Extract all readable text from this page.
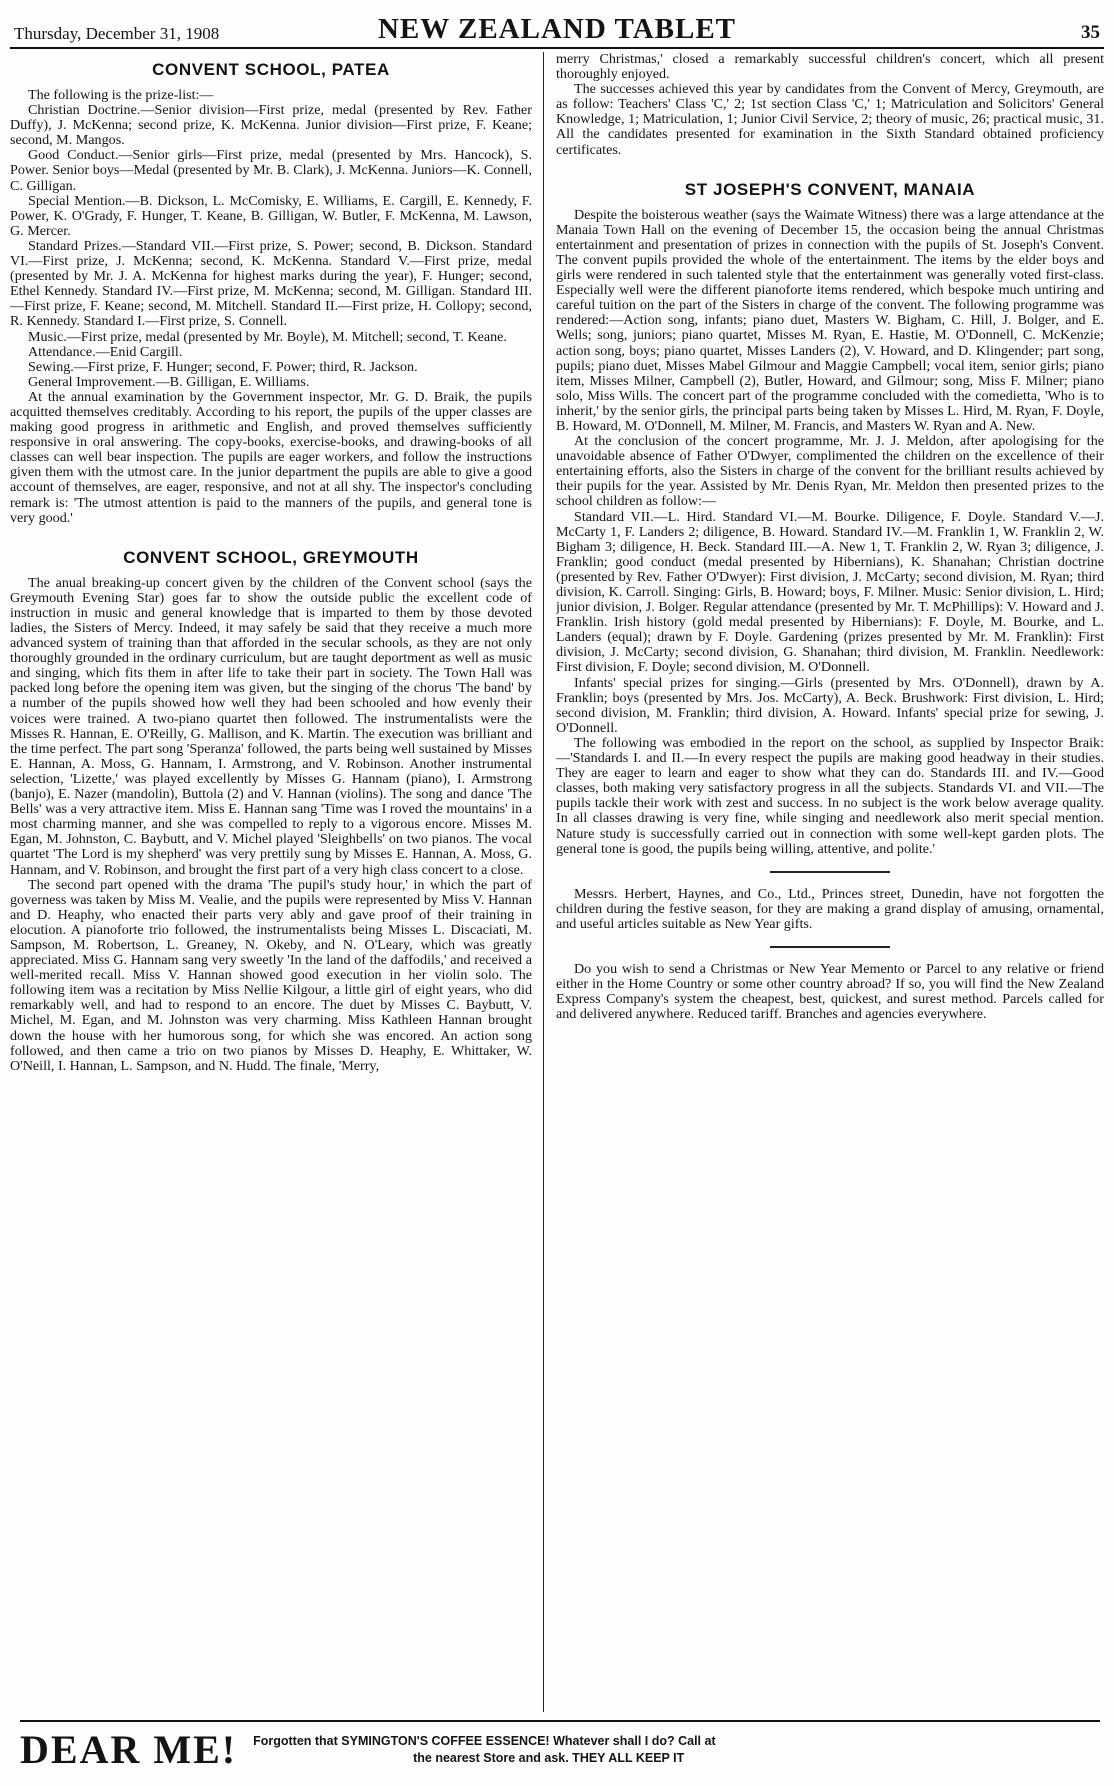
Thursday, December 31, 1908	NEW ZEALAND TABLET	35
CONVENT SCHOOL, PATEA

The following is the prize-list:—

Christian Doctrine.—Senior division—First prize, medal (presented by Rev. Father Duffy), J. McKenna; second prize, K. McKenna. Junior division—First prize, F. Keane; second, M. Mangos.

Good Conduct.—Senior girls—First prize, medal (presented by Mrs. Hancock), S. Power. Senior boys—Medal (presented by Mr. B. Clark), J. McKenna. Juniors—K. Connell, C. Gilligan.

Special Mention.—B. Dickson, L. McComisky, E. Williams, E. Cargill, E. Kennedy, F. Power, K. O'Grady, F. Hunger, T. Keane, B. Gilligan, W. Butler, F. McKenna, M. Lawson, G. Mercer.

Standard Prizes.—Standard VII.—First prize, S. Power; second, B. Dickson. Standard VI.—First prize, J. McKenna; second, K. McKenna. Standard V.—First prize, medal (presented by Mr. J. A. McKenna for highest marks during the year), F. Hunger; second, Ethel Kennedy. Standard IV.—First prize, M. McKenna; second, M. Gilligan. Standard III.—First prize, F. Keane; second, M. Mitchell. Standard II.—First prize, H. Collopy; second, R. Kennedy. Standard I.—First prize, S. Connell.

Music.—First prize, medal (presented by Mr. Boyle), M. Mitchell; second, T. Keane.

Attendance.—Enid Cargill.

Sewing.—First prize, F. Hunger; second, F. Power; third, R. Jackson.

General Improvement.—B. Gilligan, E. Williams.

At the annual examination by the Government inspector, Mr. G. D. Braik, the pupils acquitted themselves creditably. According to his report, the pupils of the upper classes are making good progress in arithmetic and English, and proved themselves sufficiently responsive in oral answering. The copy-books, exercise-books, and drawing-books of all classes can well bear inspection. The pupils are eager workers, and follow the instructions given them with the utmost care. In the junior department the pupils are able to give a good account of themselves, are eager, responsive, and not at all shy. The inspector's concluding remark is: 'The utmost attention is paid to the manners of the pupils, and general tone is very good.'

CONVENT SCHOOL, GREYMOUTH

The anual breaking-up concert given by the children of the Convent school (says the Greymouth Evening Star) goes far to show the outside public the excellent code of instruction in music and general knowledge that is imparted to them by those devoted ladies, the Sisters of Mercy. Indeed, it may safely be said that they receive a much more advanced system of training than that afforded in the secular schools, as they are not only thoroughly grounded in the ordinary curriculum, but are taught deportment as well as music and singing, which fits them in after life to take their part in society. The Town Hall was packed long before the opening item was given, but the singing of the chorus 'The band' by a number of the pupils showed how well they had been schooled and how evenly their voices were trained. A two-piano quartet then followed. The instrumentalists were the Misses R. Hannan, E. O'Reilly, G. Mallison, and K. Martin. The execution was brilliant and the time perfect. The part song 'Speranza' followed, the parts being well sustained by Misses E. Hannan, A. Moss, G. Hannam, I. Armstrong, and V. Robinson. Another instrumental selection, 'Lizette,' was played excellently by Misses G. Hannam (piano), I. Armstrong (banjo), E. Nazer (mandolin), Buttola (2) and V. Hannan (violins). The song and dance 'The Bells' was a very attractive item. Miss E. Hannan sang 'Time was I roved the mountains' in a most charming manner, and she was compelled to reply to a vigorous encore. Misses M. Egan, M. Johnston, C. Baybutt, and V. Michel played 'Sleighbells' on two pianos. The vocal quartet 'The Lord is my shepherd' was very prettily sung by Misses E. Hannan, A. Moss, G. Hannam, and V. Robinson, and brought the first part of a very high class concert to a close.

The second part opened with the drama 'The pupil's study hour,' in which the part of governess was taken by Miss M. Vealie, and the pupils were represented by Miss V. Hannan and D. Heaphy, who enacted their parts very ably and gave proof of their training in elocution. A pianoforte trio followed, the instrumentalists being Misses L. Discaciati, M. Sampson, M. Robertson, L. Greaney, N. Okeby, and N. O'Leary, which was greatly appreciated. Miss G. Hannam sang very sweetly 'In the land of the daffodils,' and received a well-merited recall. Miss V. Hannan showed good execution in her violin solo. The following item was a recitation by Miss Nellie Kilgour, a little girl of eight years, who did remarkably well, and had to respond to an encore. The duet by Misses C. Baybutt, V. Michel, M. Egan, and M. Johnston was very charming. Miss Kathleen Hannan brought down the house with her humorous song, for which she was encored. An action song followed, and then came a trio on two pianos by Misses D. Heaphy, E. Whittaker, W. O'Neill, I. Hannan, L. Sampson, and N. Hudd. The finale, 'Merry,

merry Christmas,' closed a remarkably successful children's concert, which all present thoroughly enjoyed.

The successes achieved this year by candidates from the Convent of Mercy, Greymouth, are as follow: Teachers' Class 'C,' 2; 1st section Class 'C,' 1; Matriculation and Solicitors' General Knowledge, 1; Matriculation, 1; Junior Civil Service, 2; theory of music, 26; practical music, 31. All the candidates presented for examination in the Sixth Standard obtained proficiency certificates.

ST JOSEPH'S CONVENT, MANAIA

Despite the boisterous weather (says the Waimate Witness) there was a large attendance at the Manaia Town Hall on the evening of December 15, the occasion being the annual Christmas entertainment and presentation of prizes in connection with the pupils of St. Joseph's Convent. The convent pupils provided the whole of the entertainment. The items by the elder boys and girls were rendered in such talented style that the entertainment was generally voted first-class. Especially well were the different pianoforte items rendered, which bespoke much untiring and careful tuition on the part of the Sisters in charge of the convent. The following programme was rendered:—Action song, infants; piano duet, Masters W. Bigham, C. Hill, J. Bolger, and E. Wells; song, juniors; piano quartet, Misses M. Ryan, E. Hastie, M. O'Donnell, C. McKenzie; action song, boys; piano quartet, Misses Landers (2), V. Howard, and D. Klingender; part song, pupils; piano duet, Misses Mabel Gilmour and Maggie Campbell; vocal item, senior girls; piano item, Misses Milner, Campbell (2), Butler, Howard, and Gilmour; song, Miss F. Milner; piano solo, Miss Wills. The concert part of the programme concluded with the comedietta, 'Who is to inherit,' by the senior girls, the principal parts being taken by Misses L. Hird, M. Ryan, F. Doyle, B. Howard, M. O'Donnell, M. Milner, M. Francis, and Masters W. Ryan and A. New.

At the conclusion of the concert programme, Mr. J. J. Meldon, after apologising for the unavoidable absence of Father O'Dwyer, complimented the children on the excellence of their entertaining efforts, also the Sisters in charge of the convent for the brilliant results achieved by their pupils for the year. Assisted by Mr. Denis Ryan, Mr. Meldon then presented prizes to the school children as follow:—

Standard VII.—L. Hird. Standard VI.—M. Bourke. Diligence, F. Doyle. Standard V.—J. McCarty 1, F. Landers 2; diligence, B. Howard. Standard IV.—M. Franklin 1, W. Franklin 2, W. Bigham 3; diligence, H. Beck. Standard III.—A. New 1, T. Franklin 2, W. Ryan 3; diligence, J. Franklin; good conduct (medal presented by Hibernians), K. Shanahan; Christian doctrine (presented by Rev. Father O'Dwyer): First division, J. McCarty; second division, M. Ryan; third division, K. Carroll. Singing: Girls, B. Howard; boys, F. Milner. Music: Senior division, L. Hird; junior division, J. Bolger. Regular attendance (presented by Mr. T. McPhillips): V. Howard and J. Franklin. Irish history (gold medal presented by Hibernians): F. Doyle, M. Bourke, and L. Landers (equal); drawn by F. Doyle. Gardening (prizes presented by Mr. M. Franklin): First division, J. McCarty; second division, G. Shanahan; third division, M. Franklin. Needlework: First division, F. Doyle; second division, M. O'Donnell.

Infants' special prizes for singing.—Girls (presented by Mrs. O'Donnell), drawn by A. Franklin; boys (presented by Mrs. Jos. McCarty), A. Beck. Brushwork: First division, L. Hird; second division, M. Franklin; third division, A. Howard. Infants' special prize for sewing, J. O'Donnell.

The following was embodied in the report on the school, as supplied by Inspector Braik:—'Standards I. and II.—In every respect the pupils are making good headway in their studies. They are eager to learn and eager to show what they can do. Standards III. and IV.—Good classes, both making very satisfactory progress in all the subjects. Standards VI. and VII.—The pupils tackle their work with zest and success. In no subject is the work below average quality. In all classes drawing is very fine, while singing and needlework also merit special mention. Nature study is successfully carried out in connection with some well-kept garden plots. The general tone is good, the pupils being willing, attentive, and polite.'

Messrs. Herbert, Haynes, and Co., Ltd., Princes street, Dunedin, have not forgotten the children during the festive season, for they are making a grand display of amusing, ornamental, and useful articles suitable as New Year gifts.

Do you wish to send a Christmas or New Year Memento or Parcel to any relative or friend either in the Home Country or some other country abroad? If so, you will find the New Zealand Express Company's system the cheapest, best, quickest, and surest method. Parcels called for and delivered anywhere. Reduced tariff. Branches and agencies everywhere.

DEAR ME! Forgotten that SYMINGTON'S COFFEE ESSENCE! Whatever shall I do? Call at
the nearest Store and ask. THEY ALL KEEP IT
